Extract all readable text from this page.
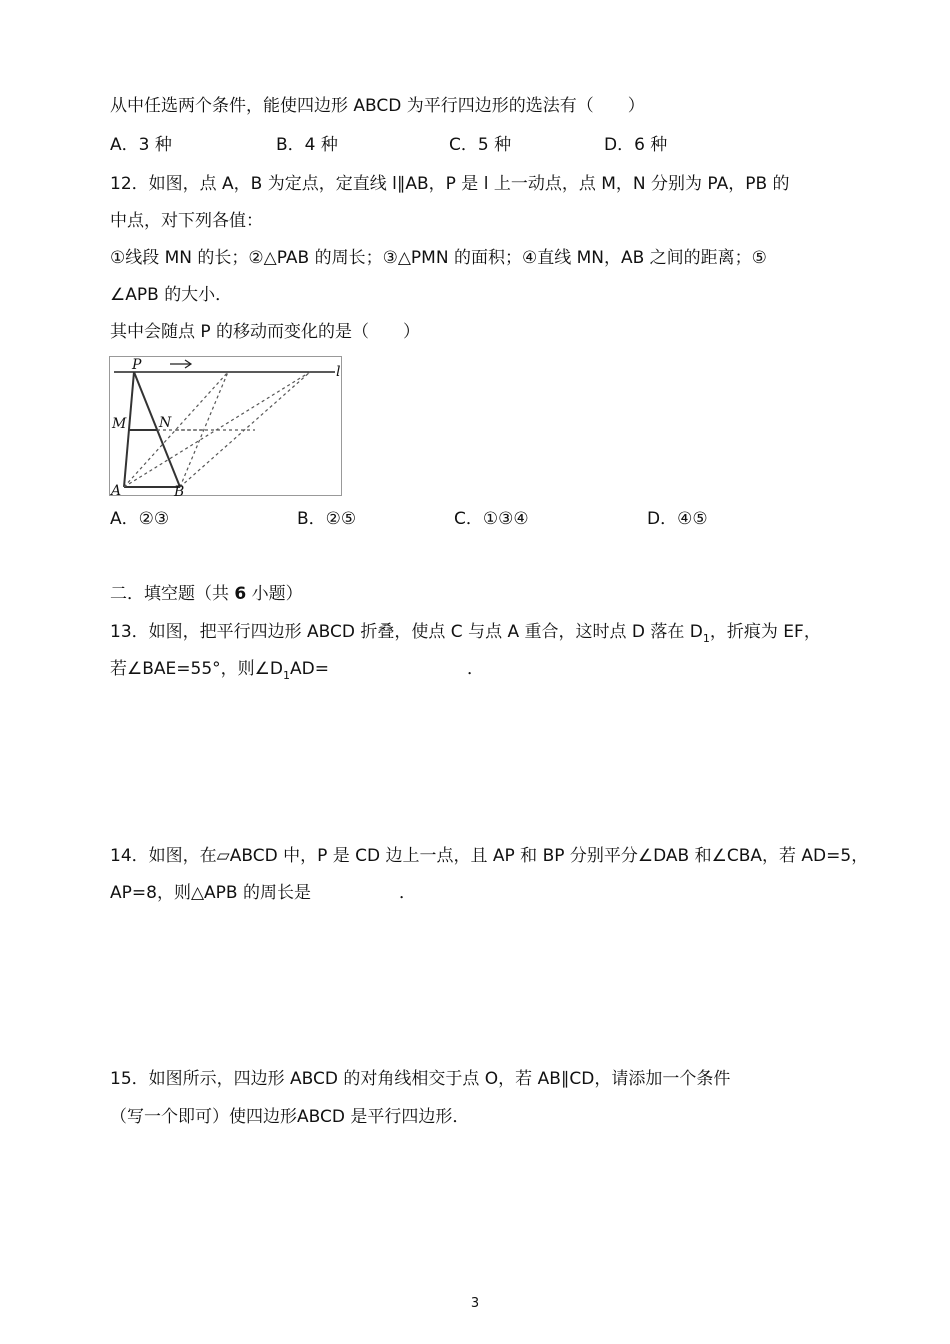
从中任选两个条件，能使四边形 ABCD 为平行四边形的选法有（　　）
A．3 种	B．4 种	C．5 种	D．6 种
12．如图，点 A，B 为定点，定直线 l∥AB，P 是 l 上一动点，点 M，N 分别为 PA，PB 的
中点，对下列各值：
①线段 MN 的长；②△PAB 的周长；③△PMN 的面积；④直线 MN，AB 之间的距离；⑤
∠APB 的大小．
其中会随点 P 的移动而变化的是（　　）
P	l
M N
A	B
A．②③	B．②⑤	C．①③④	D．④⑤
二．填空题（共 6 小题）
13．如图，把平行四边形 ABCD 折叠，使点 C 与点 A 重合，这时点 D 落在 $D_1$，折痕为 EF，
若∠BAE=55°，则$\angle D_1AD=$	．
14．如图，在▱ABCD 中，P 是 CD 边上一点，且 AP 和 BP 分别平分∠DAB 和∠CBA，若 AD=5，
AP=8，则△APB 的周长是	．
15．如图所示，四边形 ABCD 的对角线相交于点 O，若 AB∥CD，请添加一个条件
（写一个即可）使四边形ABCD 是平行四边形．
3
